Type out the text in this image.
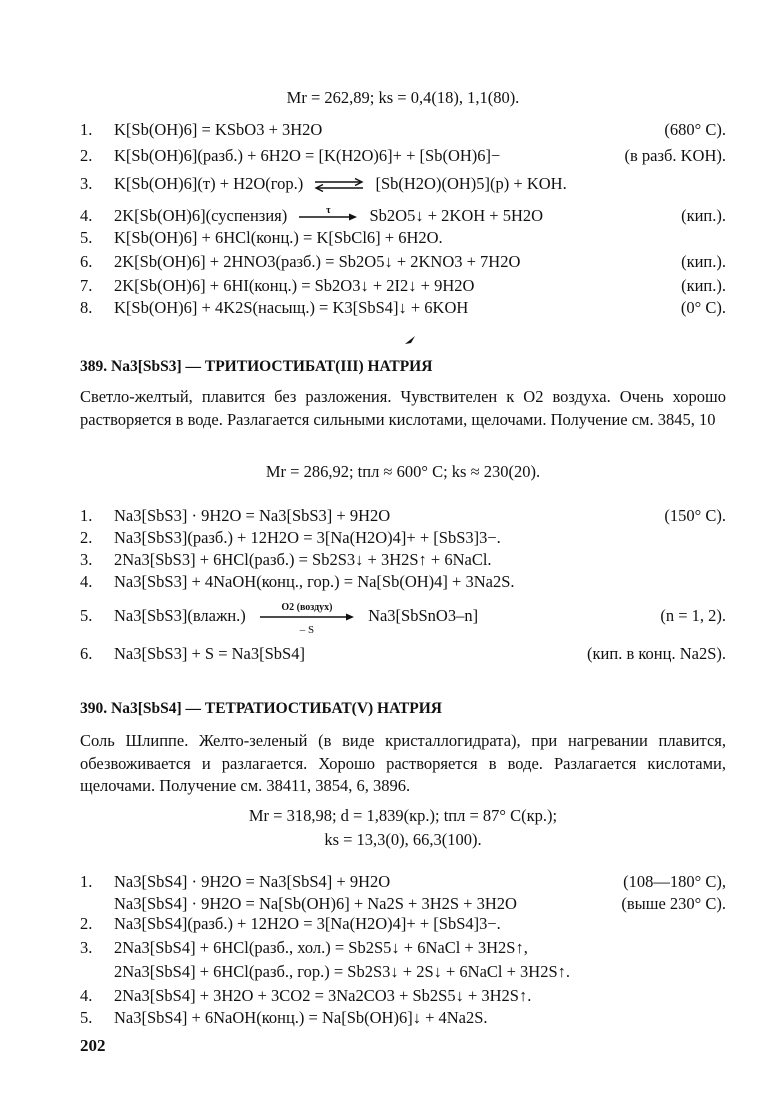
Mr = 262,89; ks = 0,4(18), 1,1(80).
1. K[Sb(OH)6] = KSbO3 + 3H2O	(680° C).
2. K[Sb(OH)6](разб.) + 6H2O = [K(H2O)6]+ + [Sb(OH)6]−	(в разб. KOH).
3. K[Sb(OH)6](т) + H2O(гор.) ⇌ [Sb(H2O)(OH)5](р) + KOH.
4. 2K[Sb(OH)6](суспензия)	τ	Sb2O5↓ + 2KOH + 5H2O	(кип.).
5. K[Sb(OH)6] + 6HCl(конц.) = K[SbCl6] + 6H2O.
6. 2K[Sb(OH)6] + 2HNO3(разб.) = Sb2O5↓ + 2KNO3 + 7H2O	(кип.).
7. 2K[Sb(OH)6] + 6HI(конц.) = Sb2O3↓ + 2I2↓ + 9H2O	(кип.).
8. K[Sb(OH)6] + 4K2S(насыщ.) = K3[SbS4]↓ + 6KOH	(0° C).
389. Na3[SbS3] — ТРИТИОСТИБАТ(III) НАТРИЯ
Светло-желтый, плавится без разложения. Чувствителен к O2 воздуха. Очень хорошо растворяется в воде. Разлагается сильными кислотами, щелочами. Получение см. 3845, 10
Mr = 286,92; tпл ≈ 600° C; ks ≈ 230(20).
1. Na3[SbS3] · 9H2O = Na3[SbS3] + 9H2O	(150° C).
2. Na3[SbS3](разб.) + 12H2O = 3[Na(H2O)4]+ + [SbS3]3−.
3. 2Na3[SbS3] + 6HCl(разб.) = Sb2S3↓ + 3H2S↑ + 6NaCl.
4. Na3[SbS3] + 4NaOH(конц., гор.) = Na[Sb(OH)4] + 3Na2S.
5. Na3[SbS3](влажн.)	O2 (воздух)
– S
Na3[SbSnO3–n]	(n = 1, 2).
6. Na3[SbS3] + S = Na3[SbS4]	(кип. в конц. Na2S).
390. Na3[SbS4] — ТЕТРАТИОСТИБАТ(V) НАТРИЯ
Соль Шлиппе. Желто-зеленый (в виде кристаллогидрата), при нагревании плавится, обезвоживается и разлагается. Хорошо растворяется в воде. Разлагается кислотами, щелочами. Получение см. 38411, 3854, 6, 3896.
Mr = 318,98; d = 1,839(кр.); tпл = 87° C(кр.);
ks = 13,3(0), 66,3(100).
1. Na3[SbS4] · 9H2O = Na3[SbS4] + 9H2O	(108—180° C),
Na3[SbS4] · 9H2O = Na[Sb(OH)6] + Na2S + 3H2S + 3H2O	(выше 230° C).
2. Na3[SbS4](разб.) + 12H2O = 3[Na(H2O)4]+ + [SbS4]3−.
3. 2Na3[SbS4] + 6HCl(разб., хол.) = Sb2S5↓ + 6NaCl + 3H2S↑,
2Na3[SbS4] + 6HCl(разб., гор.) = Sb2S3↓ + 2S↓ + 6NaCl + 3H2S↑.
4. 2Na3[SbS4] + 3H2O + 3CO2 = 3Na2CO3 + Sb2S5↓ + 3H2S↑.
5. Na3[SbS4] + 6NaOH(конц.) = Na[Sb(OH)6]↓ + 4Na2S.
202
